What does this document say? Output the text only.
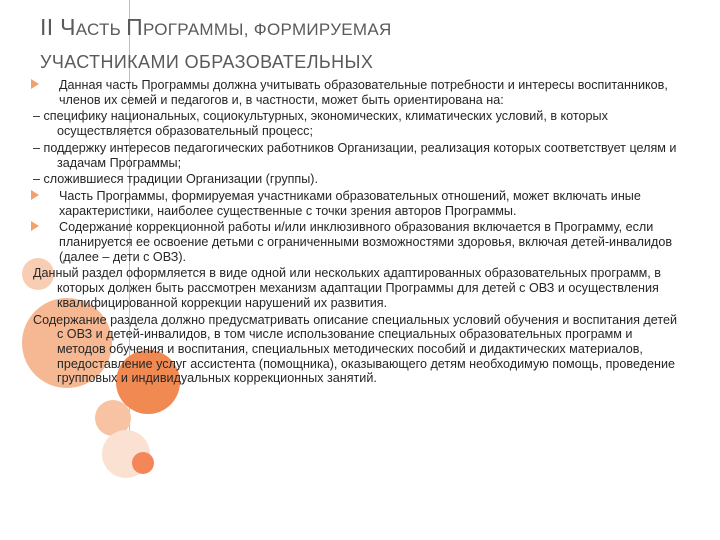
II ЧАСТЬ ПРОГРАММЫ, ФОРМИРУЕМАЯ
УЧАСТНИКАМИ ОБРАЗОВАТЕЛЬНЫХ

Данная часть Программы должна учитывать образовательные потребности и интересы воспитанников, членов их семей и педагогов и, в частности, может быть ориентирована на:

– специфику национальных, социокультурных, экономических, климатических условий, в которых осуществляется образовательный процесс;

– поддержку интересов педагогических работников Организации, реализация которых соответствует целям и задачам Программы;

– сложившиеся традиции Организации (группы).

Часть Программы, формируемая участниками образовательных отношений, может включать иные характеристики, наиболее существенные с точки зрения авторов Программы.

Содержание коррекционной работы и/или инклюзивного образования включается в Программу, если планируется ее освоение детьми с ограниченными возможностями здоровья, включая детей-инвалидов (далее – дети с ОВЗ).

Данный раздел оформляется в виде одной или нескольких адаптированных образовательных программ, в которых должен быть рассмотрен механизм адаптации Программы для детей с ОВЗ и осуществления квалифицированной коррекции нарушений их развития.

Содержание раздела должно предусматривать описание специальных условий обучения и воспитания детей с ОВЗ и детей-инвалидов, в том числе использование специальных образовательных программ и методов обучения и воспитания, специальных методических пособий и дидактических материалов, предоставление услуг ассистента (помощника), оказывающего детям необходимую помощь, проведение групповых и индивидуальных коррекционных занятий.
